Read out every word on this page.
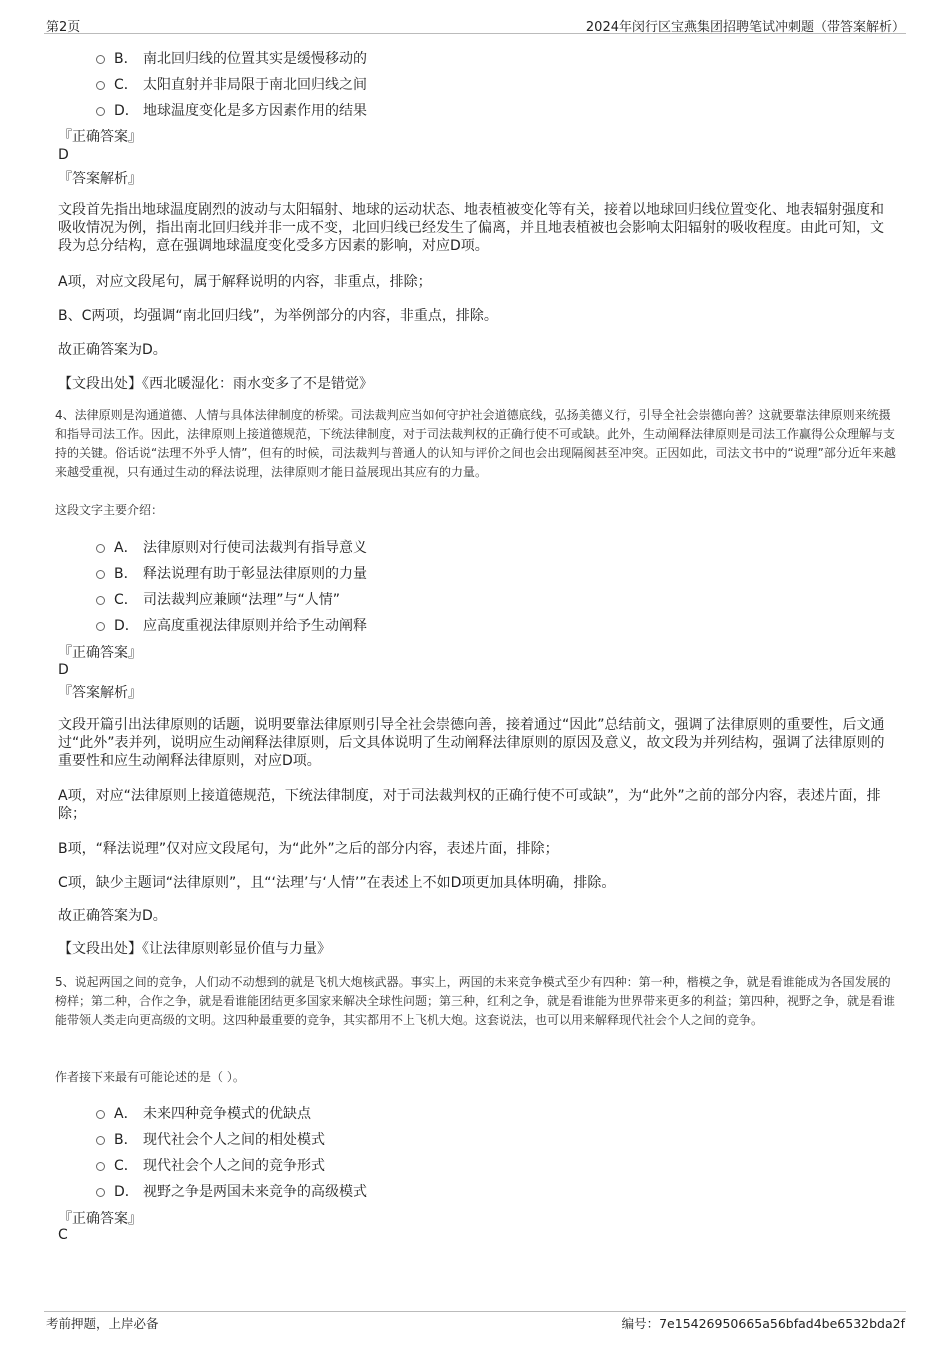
第2页	2024年闵行区宝燕集团招聘笔试冲刺题（带答案解析）
B． 南北回归线的位置其实是缓慢移动的
C． 太阳直射并非局限于南北回归线之间
D． 地球温度变化是多方因素作用的结果
『正确答案』
D
『答案解析』
文段首先指出地球温度剧烈的波动与太阳辐射、地球的运动状态、地表植被变化等有关，接着以地球回归线位置变化、地表辐射强度和吸收情况为例，指出南北回归线并非一成不变，北回归线已经发生了偏离，并且地表植被也会影响太阳辐射的吸收程度。由此可知，文段为总分结构，意在强调地球温度变化受多方因素的影响，对应D项。
A项，对应文段尾句，属于解释说明的内容，非重点，排除；
B、C两项，均强调“南北回归线”，为举例部分的内容，非重点，排除。
故正确答案为D。
【文段出处】《西北暖湿化：雨水变多了不是错觉》
4、法律原则是沟通道德、人情与具体法律制度的桥梁。司法裁判应当如何守护社会道德底线，弘扬美德义行，引导全社会崇德向善？这就要靠法律原则来统摄和指导司法工作。因此，法律原则上接道德规范，下统法律制度，对于司法裁判权的正确行使不可或缺。此外，生动阐释法律原则是司法工作赢得公众理解与支持的关键。俗话说“法理不外乎人情”，但有的时候，司法裁判与普通人的认知与评价之间也会出现隔阂甚至冲突。正因如此，司法文书中的“说理”部分近年来越来越受重视，只有通过生动的释法说理，法律原则才能日益展现出其应有的力量。
这段文字主要介绍：
A． 法律原则对行使司法裁判有指导意义
B． 释法说理有助于彰显法律原则的力量
C． 司法裁判应兼顾“法理”与“人情”
D． 应高度重视法律原则并给予生动阐释
『正确答案』
D
『答案解析』
文段开篇引出法律原则的话题，说明要靠法律原则引导全社会崇德向善，接着通过“因此”总结前文，强调了法律原则的重要性，后文通过“此外”表并列，说明应生动阐释法律原则，后文具体说明了生动阐释法律原则的原因及意义，故文段为并列结构，强调了法律原则的重要性和应生动阐释法律原则，对应D项。
A项，对应“法律原则上接道德规范，下统法律制度，对于司法裁判权的正确行使不可或缺”，为“此外”之前的部分内容，表述片面，排除；
B项，“释法说理”仅对应文段尾句，为“此外”之后的部分内容，表述片面，排除；
C项，缺少主题词“法律原则”，且“‘法理’与‘人情’”在表述上不如D项更加具体明确，排除。
故正确答案为D。
【文段出处】《让法律原则彰显价值与力量》
5、说起两国之间的竞争，人们动不动想到的就是飞机大炮核武器。事实上，两国的未来竞争模式至少有四种：第一种，楷模之争，就是看谁能成为各国发展的榜样；第二种，合作之争，就是看谁能团结更多国家来解决全球性问题；第三种，红利之争，就是看谁能为世界带来更多的利益；第四种，视野之争，就是看谁能带领人类走向更高级的文明。这四种最重要的竞争，其实都用不上飞机大炮。这套说法，也可以用来解释现代社会个人之间的竞争。
作者接下来最有可能论述的是（ ）。
A． 未来四种竞争模式的优缺点
B． 现代社会个人之间的相处模式
C． 现代社会个人之间的竞争形式
D． 视野之争是两国未来竞争的高级模式
『正确答案』
C
考前押题，上岸必备	编号：7e15426950665a56bfad4be6532bda2f
